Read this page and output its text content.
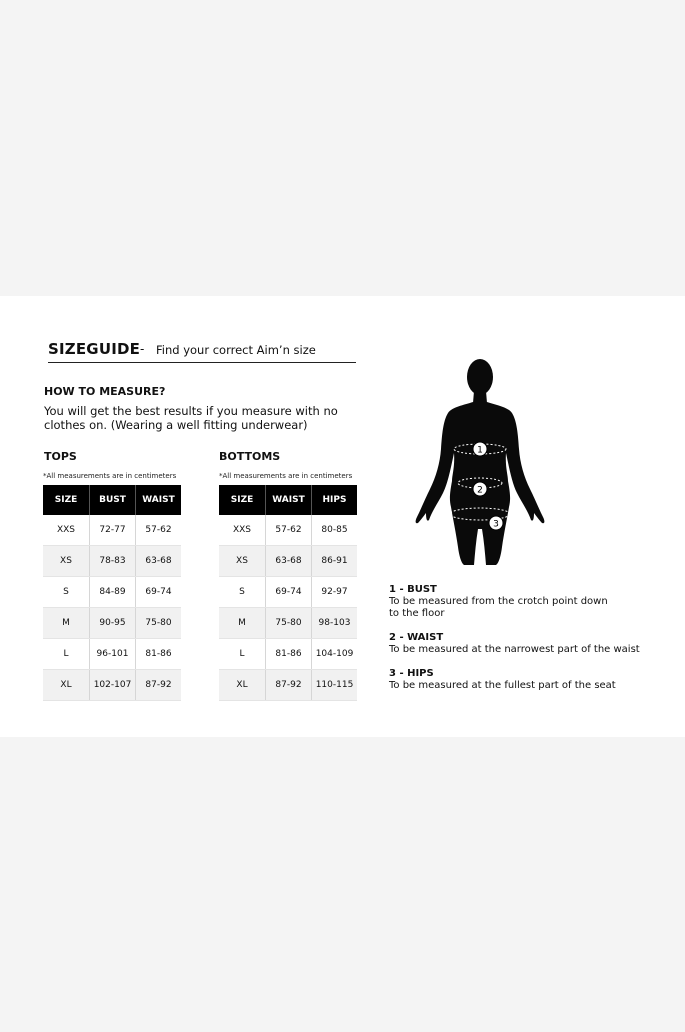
SIZEGUIDE - Find your correct Aim’n size
HOW TO MEASURE?
You will get the best results if you measure with no clothes on. (Wearing a well fitting underwear)
TOPS
*All measurements are in centimeters
SIZE	BUST	WAIST
XXS	72-77	57-62
XS	78-83	63-68
S	84-89	69-74
M	90-95	75-80
L	96-101	81-86
XL	102-107	87-92
BOTTOMS
*All measurements are in centimeters
SIZE	WAIST	HIPS
XXS	57-62	80-85
XS	63-68	86-91
S	69-74	92-97
M	75-80	98-103
L	81-86	104-109
XL	87-92	110-115
1
2
3
1 - BUST
To be measured from the crotch point down
to the floor
2 - WAIST
To be measured at the narrowest part of the waist
3 - HIPS
To be measured at the fullest part of the seat
